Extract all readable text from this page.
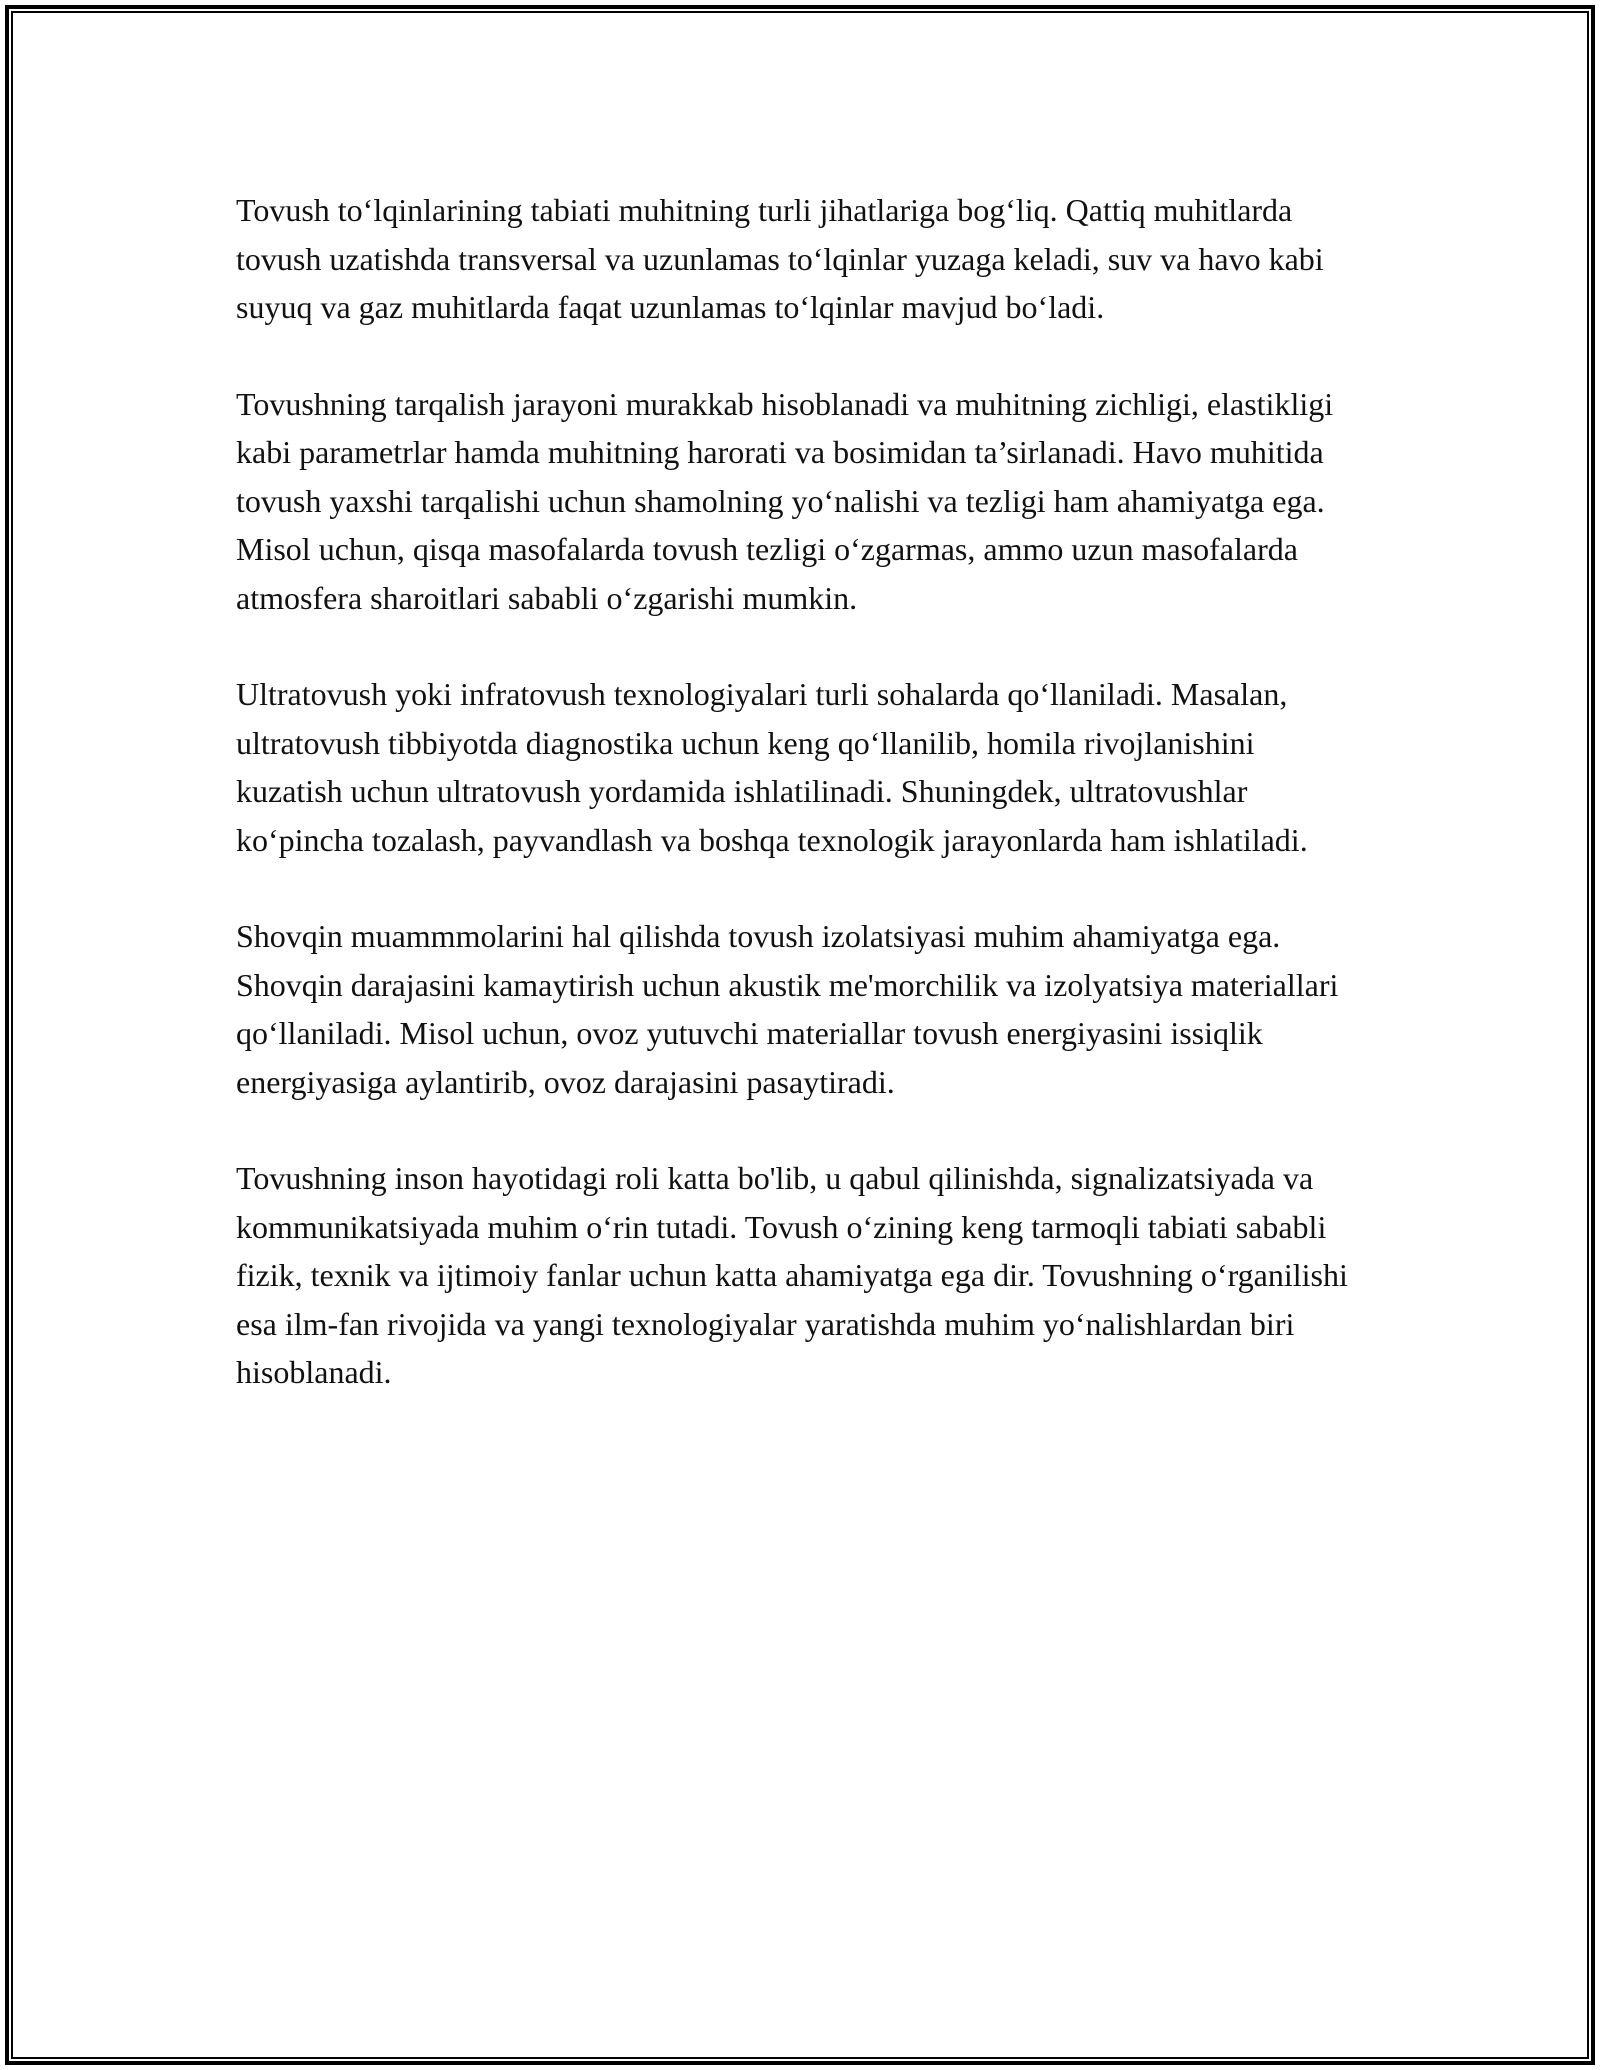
Tovush to‘lqinlarining tabiati muhitning turli jihatlariga bog‘liq. Qattiq muhitlarda tovush uzatishda transversal va uzunlamas to‘lqinlar yuzaga keladi, suv va havo kabi suyuq va gaz muhitlarda faqat uzunlamas to‘lqinlar mavjud bo‘ladi.

Tovushning tarqalish jarayoni murakkab hisoblanadi va muhitning zichligi, elastikligi kabi parametrlar hamda muhitning harorati va bosimidan ta’sirlanadi. Havo muhitida tovush yaxshi tarqalishi uchun shamolning yo‘nalishi va tezligi ham ahamiyatga ega. Misol uchun, qisqa masofalarda tovush tezligi o‘zgarmas, ammo uzun masofalarda atmosfera sharoitlari sababli o‘zgarishi mumkin.

Ultratovush yoki infratovush texnologiyalari turli sohalarda qo‘llaniladi. Masalan, ultratovush tibbiyotda diagnostika uchun keng qo‘llanilib, homila rivojlanishini kuzatish uchun ultratovush yordamida ishlatilinadi. Shuningdek, ultratovushlar ko‘pincha tozalash, payvandlash va boshqa texnologik jarayonlarda ham ishlatiladi.

Shovqin muammmolarini hal qilishda tovush izolatsiyasi muhim ahamiyatga ega. Shovqin darajasini kamaytirish uchun akustik me'morchilik va izolyatsiya materiallari qo‘llaniladi. Misol uchun, ovoz yutuvchi materiallar tovush energiyasini issiqlik energiyasiga aylantirib, ovoz darajasini pasaytiradi.

Tovushning inson hayotidagi roli katta bo'lib, u qabul qilinishda, signalizatsiyada va kommunikatsiyada muhim o‘rin tutadi. Tovush o‘zining keng tarmoqli tabiati sababli fizik, texnik va ijtimoiy fanlar uchun katta ahamiyatga ega dir. Tovushning o‘rganilishi esa ilm-fan rivojida va yangi texnologiyalar yaratishda muhim yo‘nalishlardan biri hisoblanadi.
